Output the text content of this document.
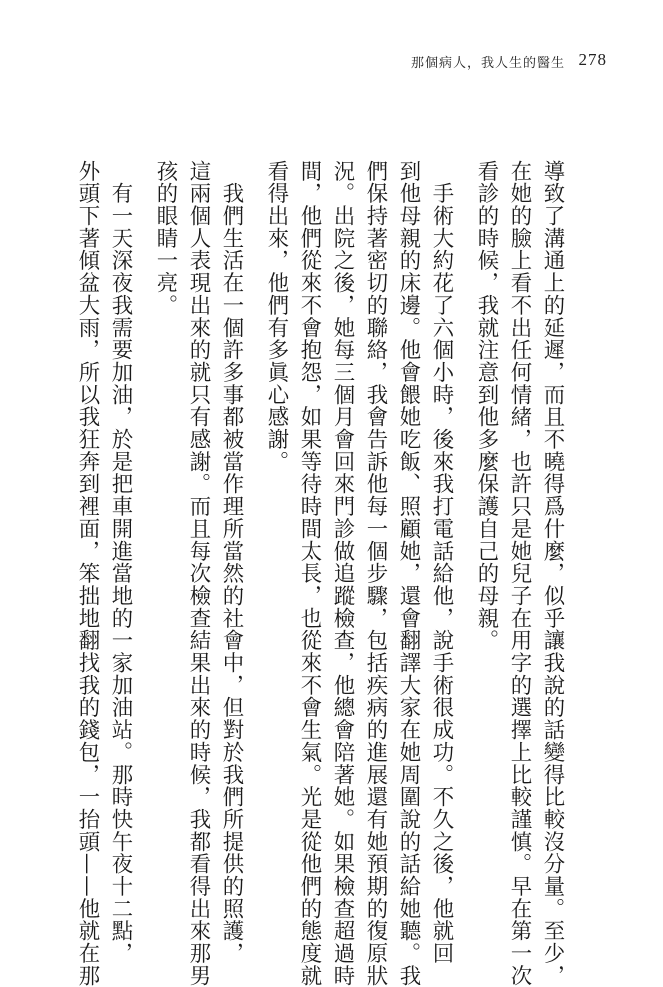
那個病人，我人生的醫生 278
導致了溝通上的延遲，而且不曉得爲什麼，似乎讓我說的話變得比較沒分量。至少，
在她的臉上看不出任何情緒，也許只是她兒子在用字的選擇上比較謹慎。早在第一次
看診的時候，我就注意到他多麼保護自己的母親。
　手術大約花了六個小時，後來我打電話給他，說手術很成功。不久之後，他就回
到他母親的床邊。他會餵她吃飯、照顧她，還會翻譯大家在她周圍說的話給她聽。我
們保持著密切的聯絡，我會告訴他每一個步驟，包括疾病的進展還有她預期的復原狀
況。出院之後，她每三個月會回來門診做追蹤檢查，他總會陪著她。如果檢查超過時
間，他們從來不會抱怨，如果等待時間太長，也從來不會生氣。光是從他們的態度就
看得出來，他們有多眞心感謝。
　我們生活在一個許多事都被當作理所當然的社會中，但對於我們所提供的照護，
這兩個人表現出來的就只有感謝。而且每次檢查結果出來的時候，我都看得出來那男
孩的眼睛一亮。
　有一天深夜我需要加油，於是把車開進當地的一家加油站。那時快午夜十二點，
外頭下著傾盆大雨，所以我狂奔到裡面，笨拙地翻找我的錢包，一抬頭——他就在那
